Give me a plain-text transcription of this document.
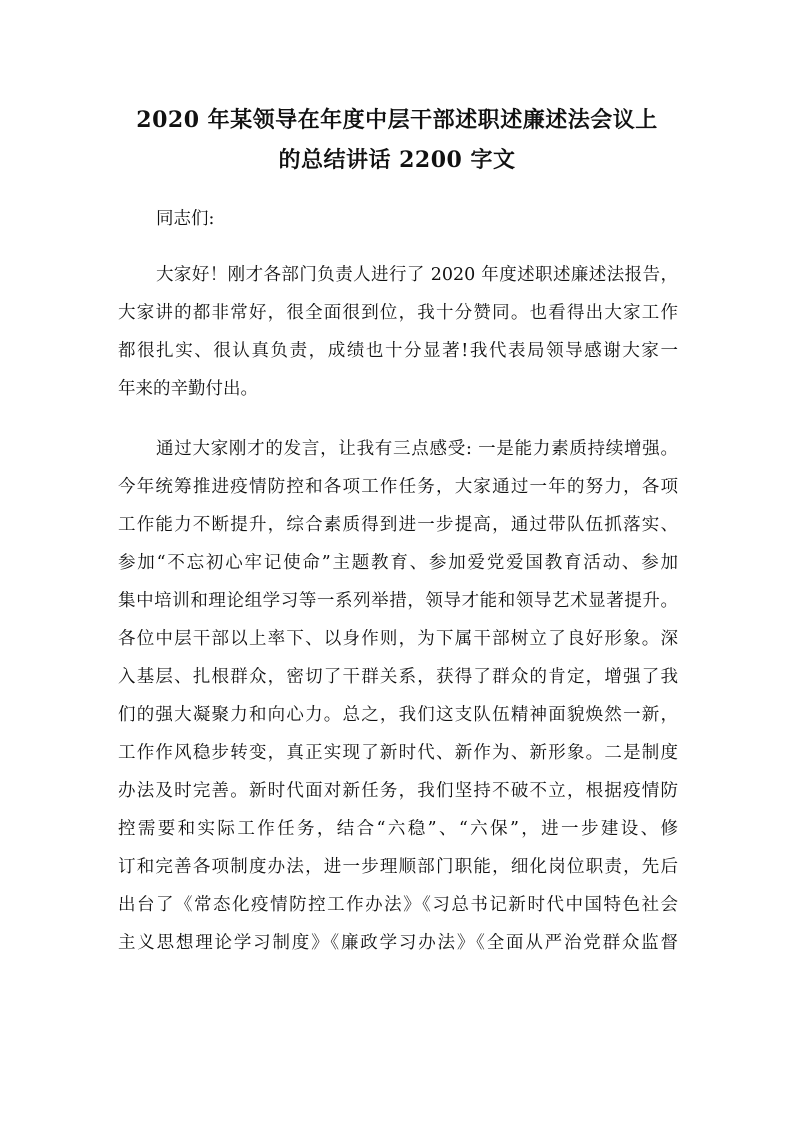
2020 年某领导在年度中层干部述职述廉述法会议上
的总结讲话 2200 字文
同志们:
大家好！刚才各部门负责人进行了 2020 年度述职述廉述法报告，
大家讲的都非常好，很全面很到位，我十分赞同。也看得出大家工作
都很扎实、很认真负责，成绩也十分显著!我代表局领导感谢大家一
年来的辛勤付出。
通过大家刚才的发言，让我有三点感受: 一是能力素质持续增强。
今年统筹推进疫情防控和各项工作任务，大家通过一年的努力，各项
工作能力不断提升，综合素质得到进一步提高，通过带队伍抓落实、
参加“不忘初心牢记使命”主题教育、参加爱党爱国教育活动、参加
集中培训和理论组学习等一系列举措，领导才能和领导艺术显著提升。
各位中层干部以上率下、以身作则，为下属干部树立了良好形象。深
入基层、扎根群众，密切了干群关系，获得了群众的肯定，增强了我
们的强大凝聚力和向心力。总之，我们这支队伍精神面貌焕然一新，
工作作风稳步转变，真正实现了新时代、新作为、新形象。二是制度
办法及时完善。新时代面对新任务，我们坚持不破不立，根据疫情防
控需要和实际工作任务，结合“六稳”、“六保”，进一步建设、修
订和完善各项制度办法，进一步理顺部门职能，细化岗位职责，先后
出台了《常态化疫情防控工作办法》《习总书记新时代中国特色社会
主义思想理论学习制度》《廉政学习办法》《全面从严治党群众监督
